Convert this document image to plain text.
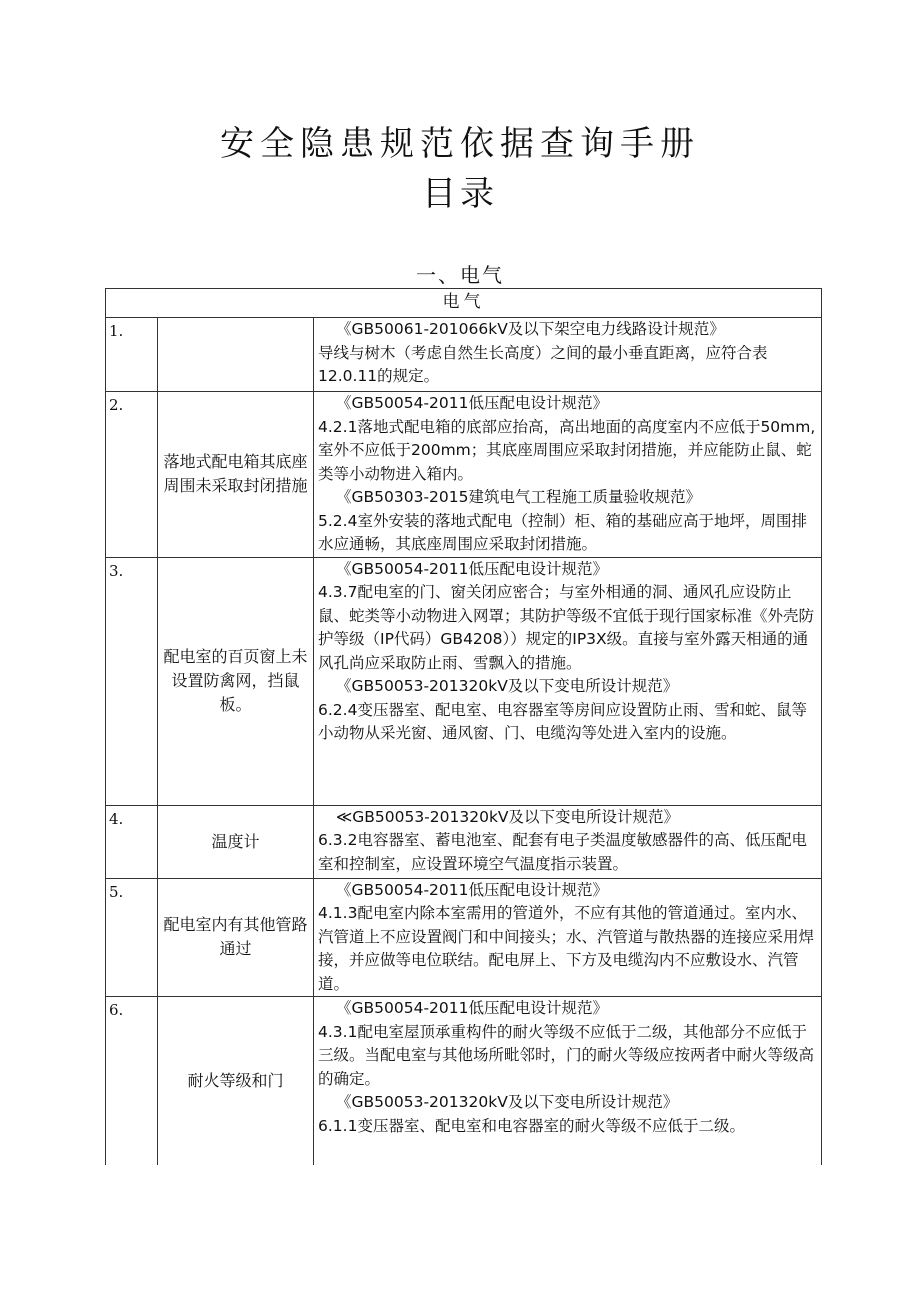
安全隐患规范依据查询手册
目录
一、电气
电气		
1.		《GB50061-201066kV及以下架空电力线路设计规范》
导线与树木（考虑自然生长高度）之间的最小垂直距离，应符合表12.0.11的规定。
2.	落地式配电箱其底座周围未采取封闭措施	《GB50054-2011低压配电设计规范》
4.2.1落地式配电箱的底部应抬高，高出地面的高度室内不应低于50mm,室外不应低于200mm；其底座周围应采取封闭措施，并应能防止鼠、蛇类等小动物进入箱内。
《GB50303-2015建筑电气工程施工质量验收规范》
5.2.4室外安装的落地式配电（控制）柜、箱的基础应高于地坪，周围排水应通畅，其底座周围应采取封闭措施。
3.	配电室的百页窗上未设置防禽网，挡鼠板。	《GB50054-2011低压配电设计规范》
4.3.7配电室的门、窗关闭应密合；与室外相通的洞、通风孔应设防止鼠、蛇类等小动物进入网罩；其防护等级不宜低于现行国家标准《外壳防护等级（IP代码）GB4208））规定的IP3X级。直接与室外露天相通的通风孔尚应采取防止雨、雪飘入的措施。
《GB50053-201320kV及以下变电所设计规范》
6.2.4变压器室、配电室、电容器室等房间应设置防止雨、雪和蛇、鼠等小动物从采光窗、通风窗、门、电缆沟等处进入室内的设施。
4.	温度计	≪GB50053-201320kV及以下变电所设计规范》
6.3.2电容器室、蓄电池室、配套有电子类温度敏感器件的高、低压配电室和控制室，应设置环境空气温度指示装置。
5.	配电室内有其他管路通过	《GB50054-2011低压配电设计规范》
4.1.3配电室内除本室需用的管道外，不应有其他的管道通过。室内水、汽管道上不应设置阀门和中间接头；水、汽管道与散热器的连接应采用焊接，并应做等电位联结。配电屏上、下方及电缆沟内不应敷设水、汽管道。
6.	耐火等级和门	《GB50054-2011低压配电设计规范》
4.3.1配电室屋顶承重构件的耐火等级不应低于二级，其他部分不应低于三级。当配电室与其他场所毗邻时，门的耐火等级应按两者中耐火等级高的确定。
《GB50053-201320kV及以下变电所设计规范》
6.1.1变压器室、配电室和电容器室的耐火等级不应低于二级。
